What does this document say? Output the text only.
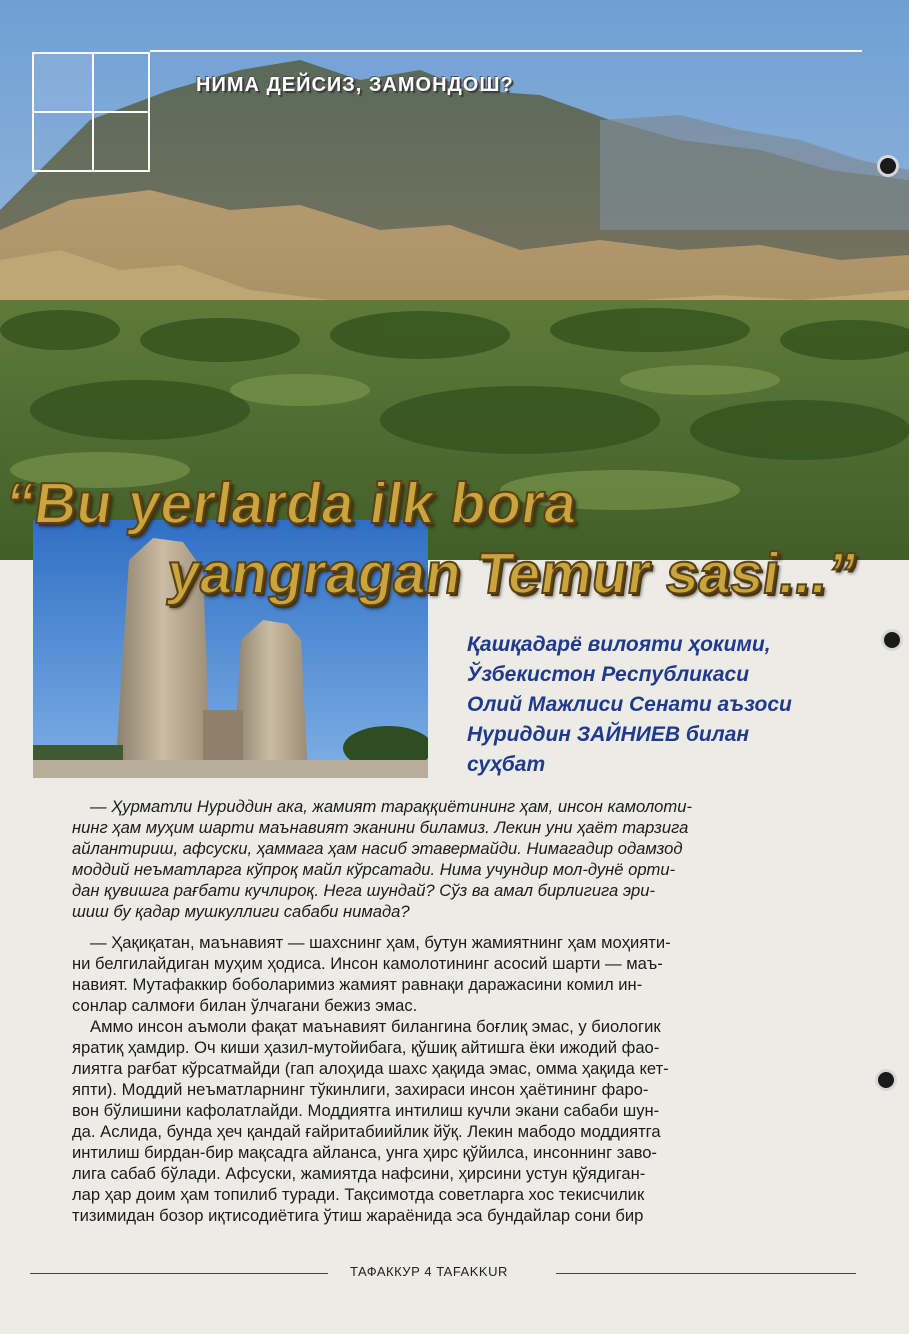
НИМА ДЕЙСИЗ, ЗАМОНДОШ?
“Bu yerlarda ilk bora
yangragan Temur sasi...”
Қашқадарё вилояти ҳокими,
Ўзбекистон Республикаси
Олий Мажлиси Сенати аъзоси
Нуриддин ЗАЙНИЕВ билан
суҳбат
— Ҳурматли Нуриддин ака, жамият тараққиётининг ҳам, инсон камолоти-
нинг ҳам муҳим шарти маънавият эканини биламиз. Лекин уни ҳаёт тарзига
айлантириш, афсуски, ҳаммага ҳам насиб этавермайди. Нимагадир одамзод
моддий неъматларга кўпроқ майл кўрсатади. Нима учундир мол-дунё орти-
дан қувишга рағбати кучлироқ. Нега шундай? Сўз ва амал бирлигига эри-
шиш бу қадар мушкуллиги сабаби нимада?
— Ҳақиқатан, маънавият — шахснинг ҳам, бутун жамиятнинг ҳам моҳияти-
ни белгилайдиган муҳим ҳодиса. Инсон камолотининг асосий шарти — маъ-
навият. Мутафаккир боболаримиз жамият равнақи даражасини комил ин-
сонлар салмоғи билан ўлчагани бежиз эмас.
Аммо инсон аъмоли фақат маънавият билангина боғлиқ эмас, у биологик
яратиқ ҳамдир. Оч киши ҳазил-мутойибага, қўшиқ айтишга ёки ижодий фао-
лиятга рағбат кўрсатмайди (гап алоҳида шахс ҳақида эмас, омма ҳақида кет-
япти). Моддий неъматларнинг тўкинлиги, захираси инсон ҳаётининг фаро-
вон бўлишини кафолатлайди. Моддиятга интилиш кучли экани сабаби шун-
да. Аслида, бунда ҳеч қандай ғайритабиийлик йўқ. Лекин мабодо моддиятга
интилиш бирдан-бир мақсадга айланса, унга ҳирс қўйилса, инсоннинг заво-
лига сабаб бўлади. Афсуски, жамиятда нафсини, ҳирсини устун қўядиган-
лар ҳар доим ҳам топилиб туради. Тақсимотда советларга хос текисчилик
тизимидан бозор иқтисодиётига ўтиш жараёнида эса бундайлар сони бир
ТАФАККУР 4 TAFAKKUR
